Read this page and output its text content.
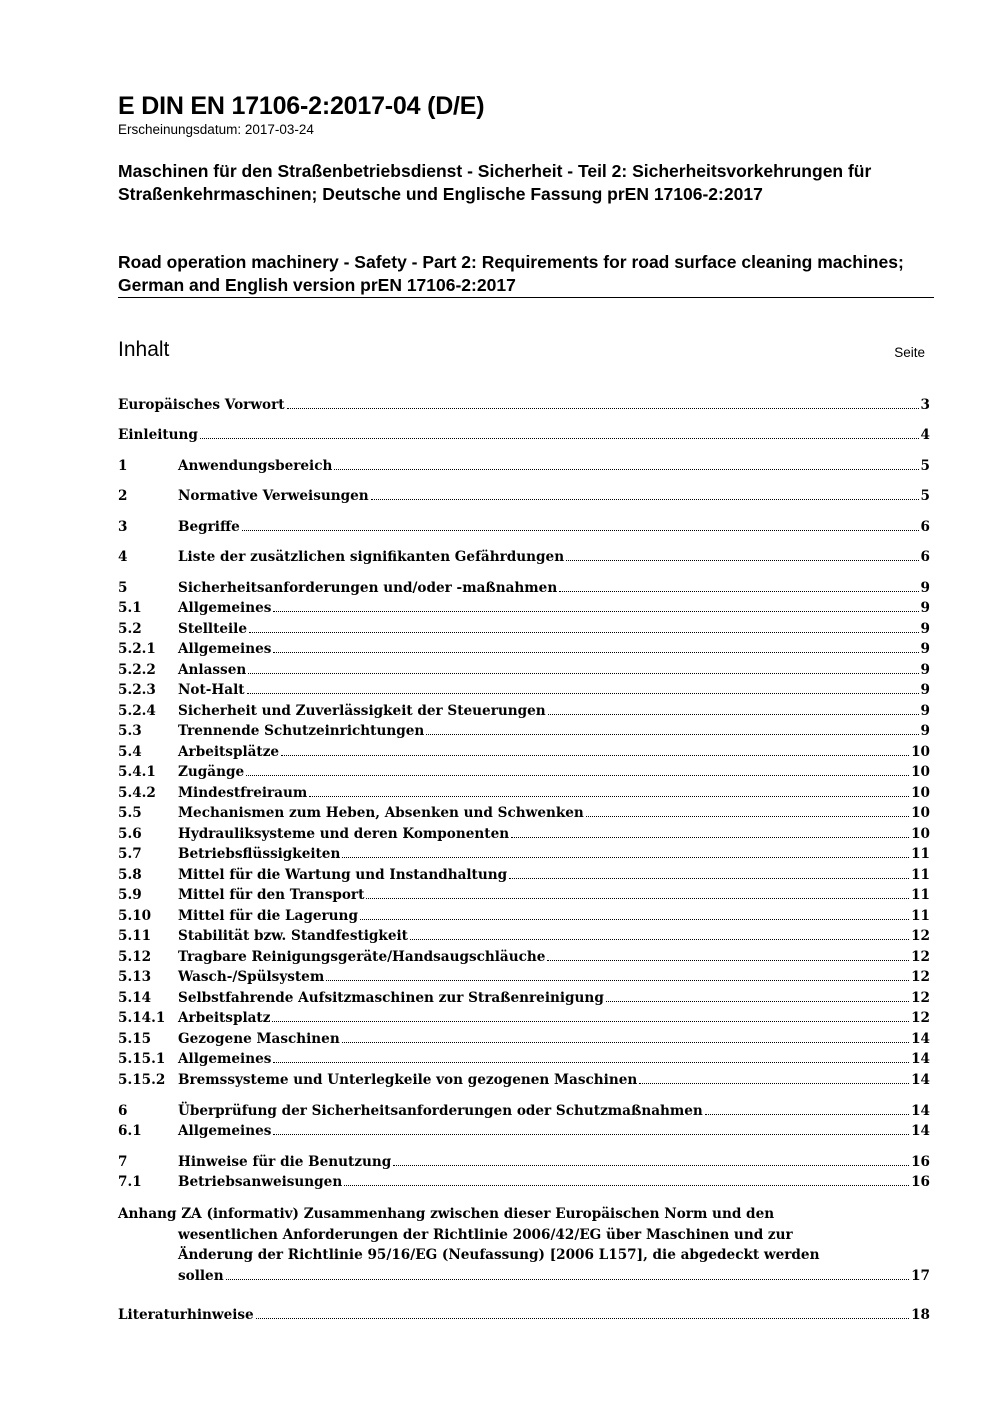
E DIN EN 17106-2:2017-04 (D/E)
Erscheinungsdatum: 2017-03-24
Maschinen für den Straßenbetriebsdienst - Sicherheit - Teil 2: Sicherheitsvorkehrungen für Straßenkehrmaschinen; Deutsche und Englische Fassung prEN 17106-2:2017
Road operation machinery - Safety - Part 2: Requirements for road surface cleaning machines; German and English version prEN 17106-2:2017
Inhalt	Seite
Europäisches Vorwort	3
Einleitung	4
1	Anwendungsbereich	5
2	Normative Verweisungen	5
3	Begriffe	6
4	Liste der zusätzlichen signifikanten Gefährdungen	6
5	Sicherheitsanforderungen und/oder -maßnahmen	9
5.1	Allgemeines	9
5.2	Stellteile	9
5.2.1 Allgemeines	9
5.2.2 Anlassen	9
5.2.3 Not-Halt	9
5.2.4 Sicherheit und Zuverlässigkeit der Steuerungen	9
5.3	Trennende Schutzeinrichtungen	9
5.4	Arbeitsplätze	10
5.4.1 Zugänge	10
5.4.2 Mindestfreiraum	10
5.5	Mechanismen zum Heben, Absenken und Schwenken	10
5.6	Hydrauliksysteme und deren Komponenten	10
5.7	Betriebsflüssigkeiten	11
5.8	Mittel für die Wartung und Instandhaltung	11
5.9	Mittel für den Transport	11
5.10 Mittel für die Lagerung	11
5.11 Stabilität bzw. Standfestigkeit	12
5.12 Tragbare Reinigungsgeräte/Handsaugschläuche	12
5.13 Wasch-/Spülsystem	12
5.14 Selbstfahrende Aufsitzmaschinen zur Straßenreinigung	12
5.14.1 Arbeitsplatz	12
5.15 Gezogene Maschinen	14
5.15.1 Allgemeines	14
5.15.2 Bremssysteme und Unterlegkeile von gezogenen Maschinen	14
6	Überprüfung der Sicherheitsanforderungen oder Schutzmaßnahmen	14
6.1	Allgemeines	14
7	Hinweise für die Benutzung	16
7.1	Betriebsanweisungen	16
Anhang ZA (informativ) Zusammenhang zwischen dieser Europäischen Norm und den
wesentlichen Anforderungen der Richtlinie 2006/42/EG über Maschinen und zur
Änderung der Richtlinie 95/16/EG (Neufassung) [2006 L157], die abgedeckt werden
sollen	17
Literaturhinweise	18
